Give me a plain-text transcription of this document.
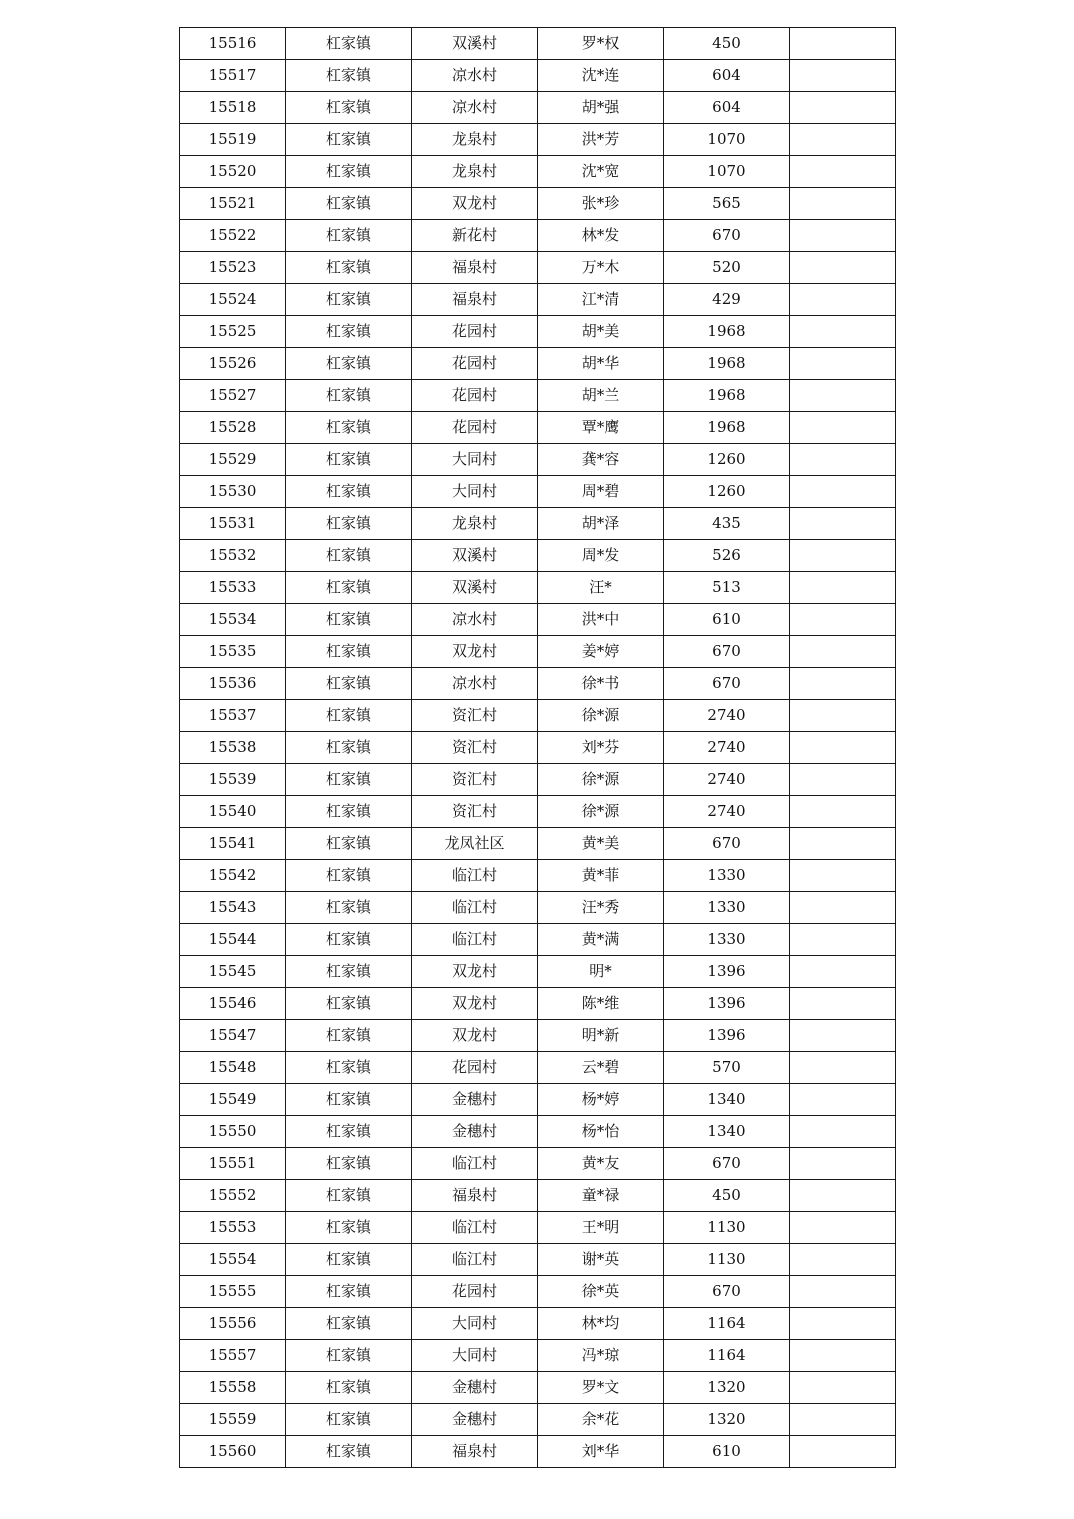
15516	杠家镇	双溪村	罗*权	450	
15517	杠家镇	凉水村	沈*连	604	
15518	杠家镇	凉水村	胡*强	604	
15519	杠家镇	龙泉村	洪*芳	1070	
15520	杠家镇	龙泉村	沈*宽	1070	
15521	杠家镇	双龙村	张*珍	565	
15522	杠家镇	新花村	林*发	670	
15523	杠家镇	福泉村	万*木	520	
15524	杠家镇	福泉村	江*清	429	
15525	杠家镇	花园村	胡*美	1968	
15526	杠家镇	花园村	胡*华	1968	
15527	杠家镇	花园村	胡*兰	1968	
15528	杠家镇	花园村	覃*鹰	1968	
15529	杠家镇	大同村	龚*容	1260	
15530	杠家镇	大同村	周*碧	1260	
15531	杠家镇	龙泉村	胡*泽	435	
15532	杠家镇	双溪村	周*发	526	
15533	杠家镇	双溪村	汪*	513	
15534	杠家镇	凉水村	洪*中	610	
15535	杠家镇	双龙村	姜*婷	670	
15536	杠家镇	凉水村	徐*书	670	
15537	杠家镇	资汇村	徐*源	2740	
15538	杠家镇	资汇村	刘*芬	2740	
15539	杠家镇	资汇村	徐*源	2740	
15540	杠家镇	资汇村	徐*源	2740	
15541	杠家镇	龙凤社区	黄*美	670	
15542	杠家镇	临江村	黄*菲	1330	
15543	杠家镇	临江村	汪*秀	1330	
15544	杠家镇	临江村	黄*满	1330	
15545	杠家镇	双龙村	明*	1396	
15546	杠家镇	双龙村	陈*维	1396	
15547	杠家镇	双龙村	明*新	1396	
15548	杠家镇	花园村	云*碧	570	
15549	杠家镇	金穗村	杨*婷	1340	
15550	杠家镇	金穗村	杨*怡	1340	
15551	杠家镇	临江村	黄*友	670	
15552	杠家镇	福泉村	童*禄	450	
15553	杠家镇	临江村	王*明	1130	
15554	杠家镇	临江村	谢*英	1130	
15555	杠家镇	花园村	徐*英	670	
15556	杠家镇	大同村	林*均	1164	
15557	杠家镇	大同村	冯*琼	1164	
15558	杠家镇	金穗村	罗*文	1320	
15559	杠家镇	金穗村	余*花	1320	
15560	杠家镇	福泉村	刘*华	610	
